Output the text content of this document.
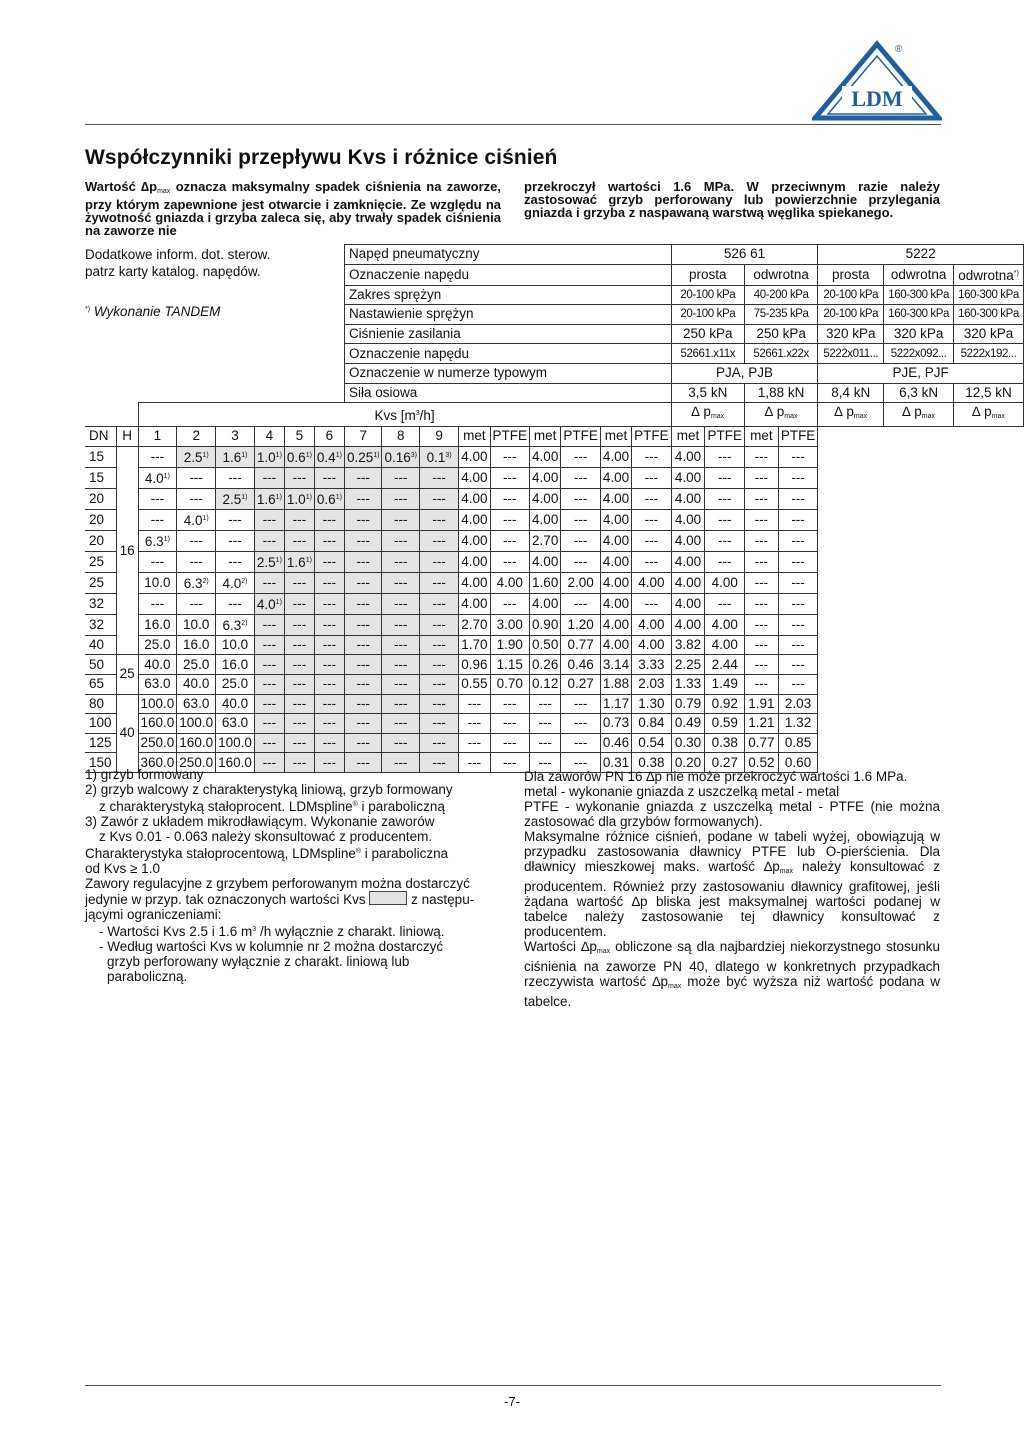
LDM
®
Współczynniki przepływu Kvs i różnice ciśnień

Wartość $\Delta p_{max}$ oznacza maksymalny spadek ciśnienia na zaworze, przy którym zapewnione jest otwarcie i zamknięcie. Ze względu na żywotność gniazda i grzyba zaleca się, aby trwały spadek ciśnienia na zaworze nie

przekroczył wartości 1.6 MPa. W przeciwnym razie należy zastosować grzyb perforowany lub powierzchnie przylegania gniazda i grzyba z naspawaną warstwą węglika spiekanego.

Dodatkowe inform. dot. sterow.
patrz karty katalog. napędów.
*) Wykonanie TANDEM
								Napęd pneumatyczny									526 61				5222		
								Oznaczenie napędu									prosta		odwrotna		prosta	odwrotna	odwrotna*)
								Zakres sprężyn									20-100 kPa		40-200 kPa		20-100 kPa	160-300 kPa	160-300 kPa
								Nastawienie sprężyn									20-100 kPa		75-235 kPa		20-100 kPa	160-300 kPa	160-300 kPa
								Ciśnienie zasilania									250 kPa		250 kPa		320 kPa	320 kPa	320 kPa
								Oznaczenie napędu									52661.x11x		52661.x22x		5222x011...	5222x092...	5222x192...
								Oznaczenie w numerze typowym									PJA, PJB				PJE, PJF		
								Siła osiowa									3,5 kN		1,88 kN		8,4 kN	6,3 kN	12,5 kN
		Kvs $[m^3/h]$															∆ $p_{max}$		∆ $p_{max}$		∆ $p_{max}$	∆ $p_{max}$	∆ $p_{max}$
DN	H	1	2	3	4	5	6	7	8	9	met	PTFE	met	PTFE	met	PTFE	met	PTFE	met	PTFE			
15	16	---	2.5$^{1)}$	1.6$^{1)}$	1.0$^{1)}$	0.6$^{1)}$	0.4$^{1)}$	0.25$^{1)}$	0.16$^{3)}$	0.1$^{3)}$	4.00	---	4.00	---	4.00	---	4.00	---	---	---			
15		4.0$^{1)}$	---	---	---	---	---	---	---	---	4.00	---	4.00	---	4.00	---	4.00	---	---	---			
20		---	---	2.5$^{1)}$	1.6$^{1)}$	1.0$^{1)}$	0.6$^{1)}$	---	---	---	4.00	---	4.00	---	4.00	---	4.00	---	---	---			
20		---	4.0$^{1)}$	---	---	---	---	---	---	---	4.00	---	4.00	---	4.00	---	4.00	---	---	---			
20		6.3$^{1)}$	---	---	---	---	---	---	---	---	4.00	---	2.70	---	4.00	---	4.00	---	---	---			
25		---	---	---	2.5$^{1)}$	1.6$^{1)}$	---	---	---	---	4.00	---	4.00	---	4.00	---	4.00	---	---	---			
25		10.0	6.3$^{2)}$	4.0$^{2)}$	---	---	---	---	---	---	4.00	4.00	1.60	2.00	4.00	4.00	4.00	4.00	---	---			
32		---	---	---	4.0$^{1)}$	---	---	---	---	---	4.00	---	4.00	---	4.00	---	4.00	---	---	---			
32		16.0	10.0	6.3$^{2)}$	---	---	---	---	---	---	2.70	3.00	0.90	1.20	4.00	4.00	4.00	4.00	---	---			
40		25.0	16.0	10.0	---	---	---	---	---	---	1.70	1.90	0.50	0.77	4.00	4.00	3.82	4.00	---	---			
50	25	40.0	25.0	16.0	---	---	---	---	---	---	0.96	1.15	0.26	0.46	3.14	3.33	2.25	2.44	---	---			
65		63.0	40.0	25.0	---	---	---	---	---	---	0.55	0.70	0.12	0.27	1.88	2.03	1.33	1.49	---	---			
80	40	100.0	63.0	40.0	---	---	---	---	---	---	---	---	---	---	1.17	1.30	0.79	0.92	1.91	2.03			
100		160.0	100.0	63.0	---	---	---	---	---	---	---	---	---	---	0.73	0.84	0.49	0.59	1.21	1.32			
125		250.0	160.0	100.0	---	---	---	---	---	---	---	---	---	---	0.46	0.54	0.30	0.38	0.77	0.85			
150		360.0	250.0	160.0	---	---	---	---	---	---	---	---	---	---	0.31	0.38	0.20	0.27	0.52	0.60			

1) grzyb formowany

2) grzyb walcowy z charakterystyką liniową, grzyb formowany

z charakterystyką stałoprocent. LDMspline® i paraboliczną

3) Zawór z układem mikrodławiącym. Wykonanie zaworów

z Kvs 0.01 - 0.063 należy skonsultować z producentem.

Charakterystyka stałoprocentową, LDMspline® i paraboliczna

od Kvs ≥ 1.0

Zawory regulacyjne z grzybem perforowanym można dostarczyć

jedynie w przyp. tak oznaczonych wartości Kvs	z następu-

jącymi ograniczeniami:

- Wartości Kvs 2.5 i 1.6 $m^3$ /h wyłącznie z charakt. liniową.

- Według wartości Kvs w kolumnie nr 2 można dostarczyć

grzyb perforowany wyłącznie z charakt. liniową lub

paraboliczną.

Dla zaworów PN 16 ∆p nie może przekroczyć wartości 1.6 MPa.

metal - wykonanie gniazda z uszczelką metal - metal

PTFE - wykonanie gniazda z uszczelką metal - PTFE (nie można zastosować dla grzybów formowanych).

Maksymalne różnice ciśnień, podane w tabeli wyżej, obowiązują w przypadku zastosowania dławnicy PTFE lub O-pierścienia. Dla dławnicy mieszkowej maks. wartość $\Delta p_{max}$ należy konsultować z producentem. Również przy zastosowaniu dławnicy grafitowej, jeśli żądana wartość ∆p bliska jest maksymalnej wartości podanej w tabelce należy zastosowanie tej dławnicy konsultować z producentem.

Wartości $\Delta p_{max}$ obliczone są dla najbardziej niekorzystnego stosunku ciśnienia na zaworze PN 40, dlatego w konkretnych przypadkach rzeczywista wartość $\Delta p_{max}$ może być wyższa niż wartość podana w tabelce.

-7-
